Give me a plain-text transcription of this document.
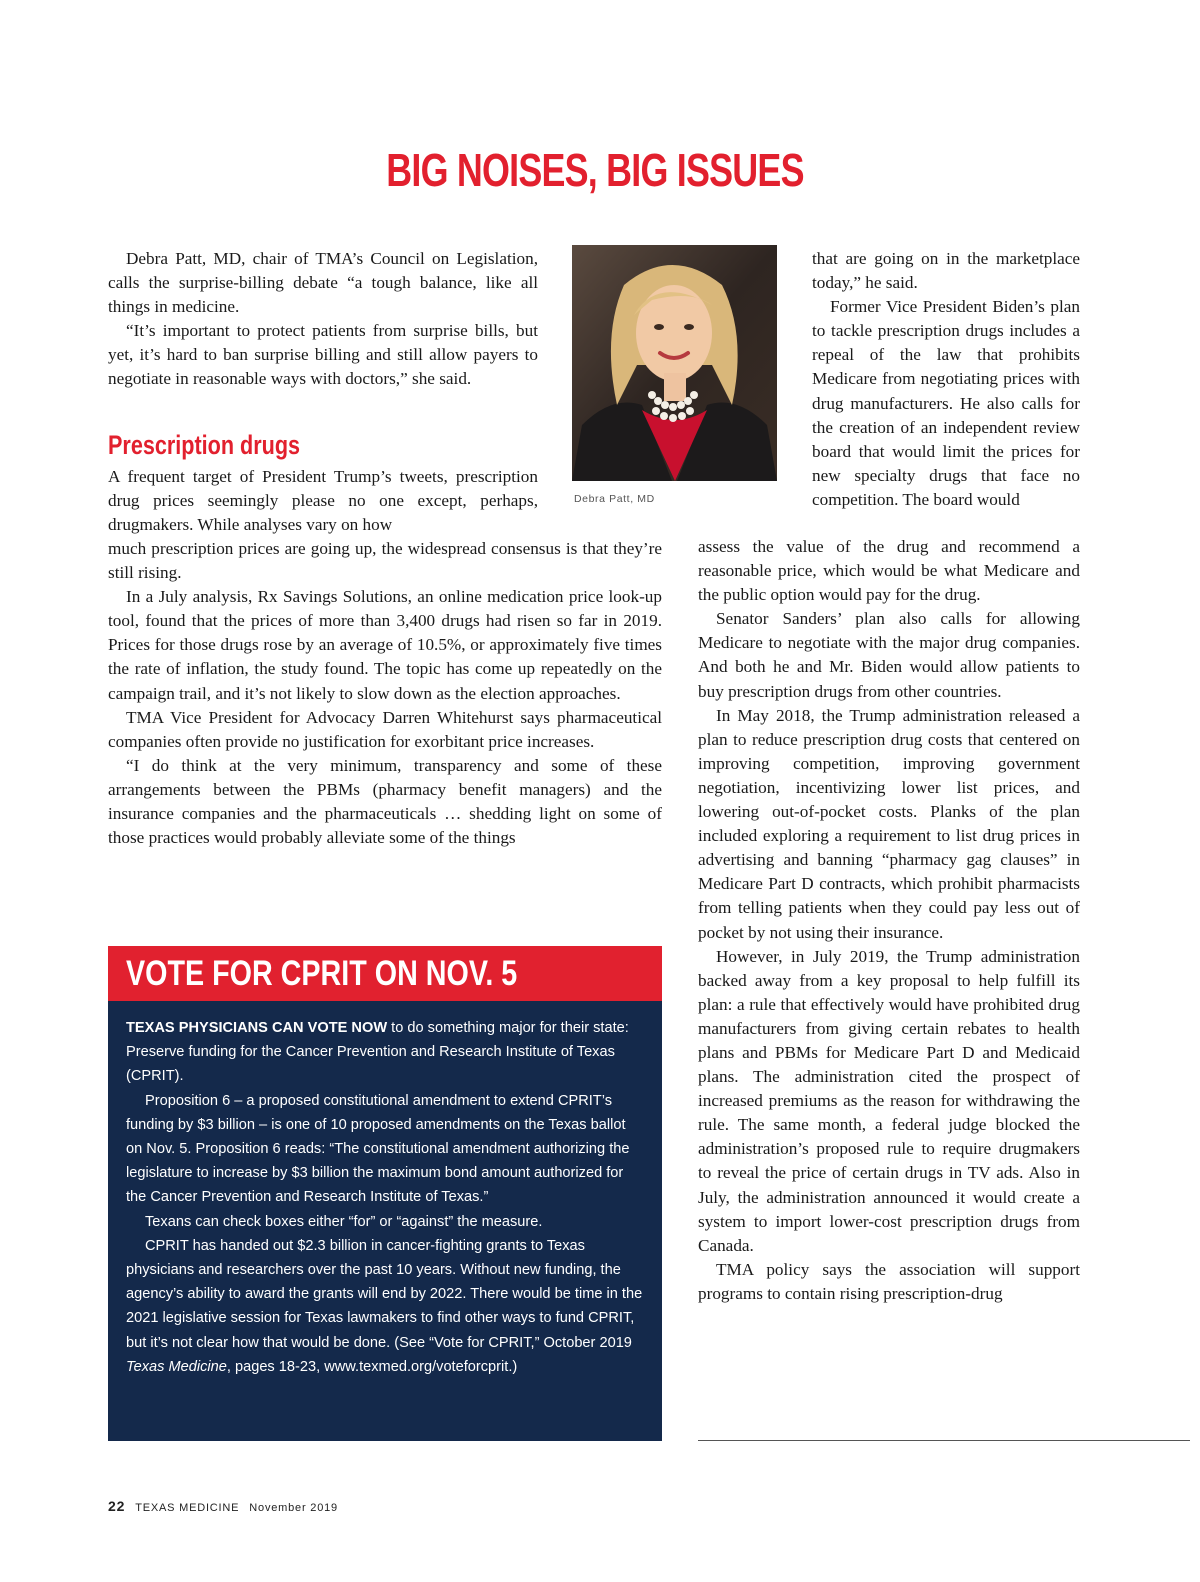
BIG NOISES, BIG ISSUES

Debra Patt, MD, chair of TMA’s Council on Legislation, calls the surprise-billing debate “a tough balance, like all things in medicine.

“It’s important to protect patients from surprise bills, but yet, it’s hard to ban surprise billing and still allow payers to negotiate in reasonable ways with doctors,” she said.

Prescription drugs

A frequent target of President Trump’s tweets, prescription drug prices seemingly please no one except, perhaps, drugmakers. While analyses vary on how

much prescription prices are going up, the widespread consensus is that they’re still rising.

In a July analysis, Rx Savings Solutions, an online medication price look-up tool, found that the prices of more than 3,400 drugs had risen so far in 2019. Prices for those drugs rose by an average of 10.5%, or approximately five times the rate of inflation, the study found. The topic has come up repeatedly on the campaign trail, and it’s not likely to slow down as the election approaches.

TMA Vice President for Advocacy Darren Whitehurst says pharmaceutical companies often provide no justification for exorbitant price increases.

“I do think at the very minimum, transparency and some of these arrangements between the PBMs (pharmacy benefit managers) and the insurance companies and the pharmaceuticals … shedding light on some of those practices would probably alleviate some of the things

Debra Patt, MD

that are going on in the marketplace today,” he said.

Former Vice President Biden’s plan to tackle prescription drugs includes a repeal of the law that prohibits Medicare from negotiating prices with drug manufacturers. He also calls for the creation of an independent review board that would limit the prices for new specialty drugs that face no competition. The board would

assess the value of the drug and recommend a reasonable price, which would be what Medicare and the public option would pay for the drug.

Senator Sanders’ plan also calls for allowing Medicare to negotiate with the major drug companies. And both he and Mr. Biden would allow patients to buy prescription drugs from other countries.

In May 2018, the Trump administration released a plan to reduce prescription drug costs that centered on improving competition, improving government negotiation, incentivizing lower list prices, and lowering out-of-pocket costs. Planks of the plan included exploring a requirement to list drug prices in advertising and banning “pharmacy gag clauses” in Medicare Part D contracts, which prohibit pharmacists from telling patients when they could pay less out of pocket by not using their insurance.

However, in July 2019, the Trump administration backed away from a key proposal to help fulfill its plan: a rule that effectively would have prohibited drug manufacturers from giving certain rebates to health plans and PBMs for Medicare Part D and Medicaid plans. The administration cited the prospect of increased premiums as the reason for withdrawing the rule. The same month, a federal judge blocked the administration’s proposed rule to require drugmakers to reveal the price of certain drugs in TV ads. Also in July, the administration announced it would create a system to import lower-cost prescription drugs from Canada.

TMA policy says the association will support programs to contain rising prescription-drug

VOTE FOR CPRIT ON NOV. 5

TEXAS PHYSICIANS CAN VOTE NOW to do something major for their state: Preserve funding for the Cancer Prevention and Research Institute of Texas (CPRIT).

Proposition 6 – a proposed constitutional amendment to extend CPRIT’s funding by $3 billion – is one of 10 proposed amendments on the Texas ballot on Nov. 5. Proposition 6 reads: “The constitutional amendment authorizing the legislature to increase by $3 billion the maximum bond amount authorized for the Cancer Prevention and Research Institute of Texas.”

Texans can check boxes either “for” or “against” the measure.

CPRIT has handed out $2.3 billion in cancer-fighting grants to Texas physicians and researchers over the past 10 years. Without new funding, the agency’s ability to award the grants will end by 2022. There would be time in the 2021 legislative session for Texas lawmakers to find other ways to fund CPRIT, but it’s not clear how that would be done. (See “Vote for CPRIT,” October 2019 Texas Medicine, pages 18-23, www.texmed.org/voteforcprit.)

22 TEXAS MEDICINE November 2019
